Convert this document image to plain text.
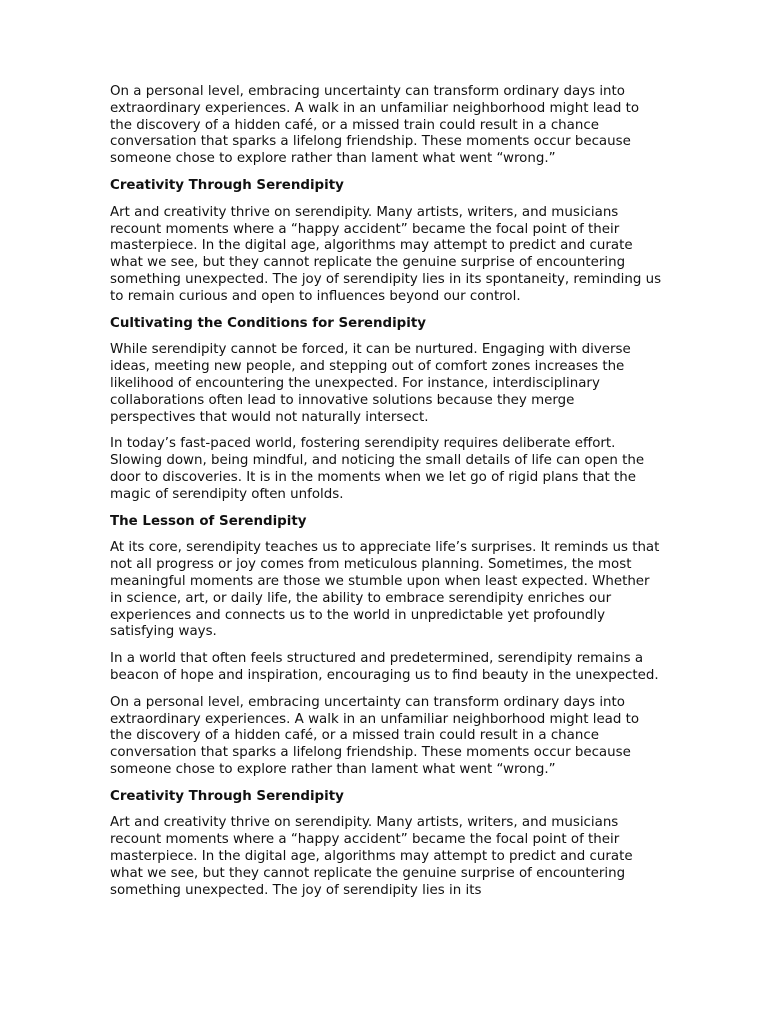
On a personal level, embracing uncertainty can transform ordinary days into extraordinary experiences. A walk in an unfamiliar neighborhood might lead to the discovery of a hidden café, or a missed train could result in a chance conversation that sparks a lifelong friendship. These moments occur because someone chose to explore rather than lament what went “wrong.”

Creativity Through Serendipity

Art and creativity thrive on serendipity. Many artists, writers, and musicians recount moments where a “happy accident” became the focal point of their masterpiece. In the digital age, algorithms may attempt to predict and curate what we see, but they cannot replicate the genuine surprise of encountering something unexpected. The joy of serendipity lies in its spontaneity, reminding us to remain curious and open to influences beyond our control.

Cultivating the Conditions for Serendipity

While serendipity cannot be forced, it can be nurtured. Engaging with diverse ideas, meeting new people, and stepping out of comfort zones increases the likelihood of encountering the unexpected. For instance, interdisciplinary collaborations often lead to innovative solutions because they merge perspectives that would not naturally intersect.

In today’s fast-paced world, fostering serendipity requires deliberate effort. Slowing down, being mindful, and noticing the small details of life can open the door to discoveries. It is in the moments when we let go of rigid plans that the magic of serendipity often unfolds.

The Lesson of Serendipity

At its core, serendipity teaches us to appreciate life’s surprises. It reminds us that not all progress or joy comes from meticulous planning. Sometimes, the most meaningful moments are those we stumble upon when least expected. Whether in science, art, or daily life, the ability to embrace serendipity enriches our experiences and connects us to the world in unpredictable yet profoundly satisfying ways.

In a world that often feels structured and predetermined, serendipity remains a beacon of hope and inspiration, encouraging us to find beauty in the unexpected.

On a personal level, embracing uncertainty can transform ordinary days into extraordinary experiences. A walk in an unfamiliar neighborhood might lead to the discovery of a hidden café, or a missed train could result in a chance conversation that sparks a lifelong friendship. These moments occur because someone chose to explore rather than lament what went “wrong.”

Creativity Through Serendipity

Art and creativity thrive on serendipity. Many artists, writers, and musicians recount moments where a “happy accident” became the focal point of their masterpiece. In the digital age, algorithms may attempt to predict and curate what we see, but they cannot replicate the genuine surprise of encountering something unexpected. The joy of serendipity lies in its
